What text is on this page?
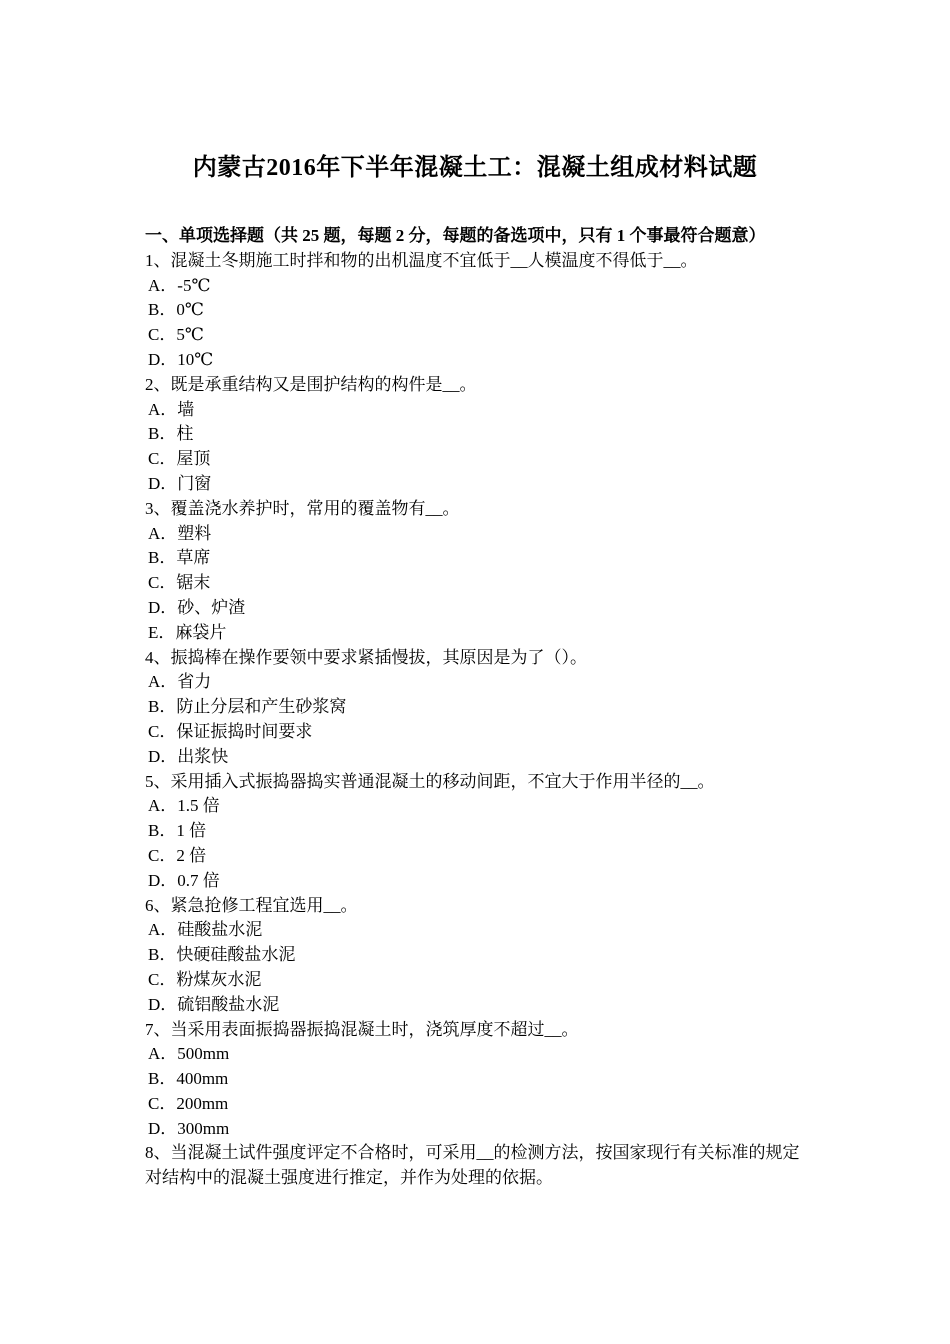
内蒙古2016年下半年混凝土工：混凝土组成材料试题

一、单项选择题（共 25 题，每题 2 分，每题的备选项中，只有 1 个事最符合题意）

1、混凝土冬期施工时拌和物的出机温度不宜低于__人模温度不得低于__。

A．-5℃

B．0℃

C．5℃

D．10℃

2、既是承重结构又是围护结构的构件是__。

A．墙

B．柱

C．屋顶

D．门窗

3、覆盖浇水养护时，常用的覆盖物有__。

A．塑料

B．草席

C．锯末

D．砂、炉渣

E．麻袋片

4、振捣棒在操作要领中要求紧插慢拔，其原因是为了（）。

A．省力

B．防止分层和产生砂浆窝

C．保证振捣时间要求

D．出浆快

5、采用插入式振捣器捣实普通混凝土的移动间距，不宜大于作用半径的__。

A．1.5 倍

B．1 倍

C．2 倍

D．0.7 倍

6、紧急抢修工程宜选用__。

A．硅酸盐水泥

B．快硬硅酸盐水泥

C．粉煤灰水泥

D．硫铝酸盐水泥

7、当采用表面振捣器振捣混凝土时，浇筑厚度不超过__。

A．500mm

B．400mm

C．200mm

D．300mm

8、当混凝土试件强度评定不合格时，可采用__的检测方法，按国家现行有关标准的规定对结构中的混凝土强度进行推定，并作为处理的依据。
